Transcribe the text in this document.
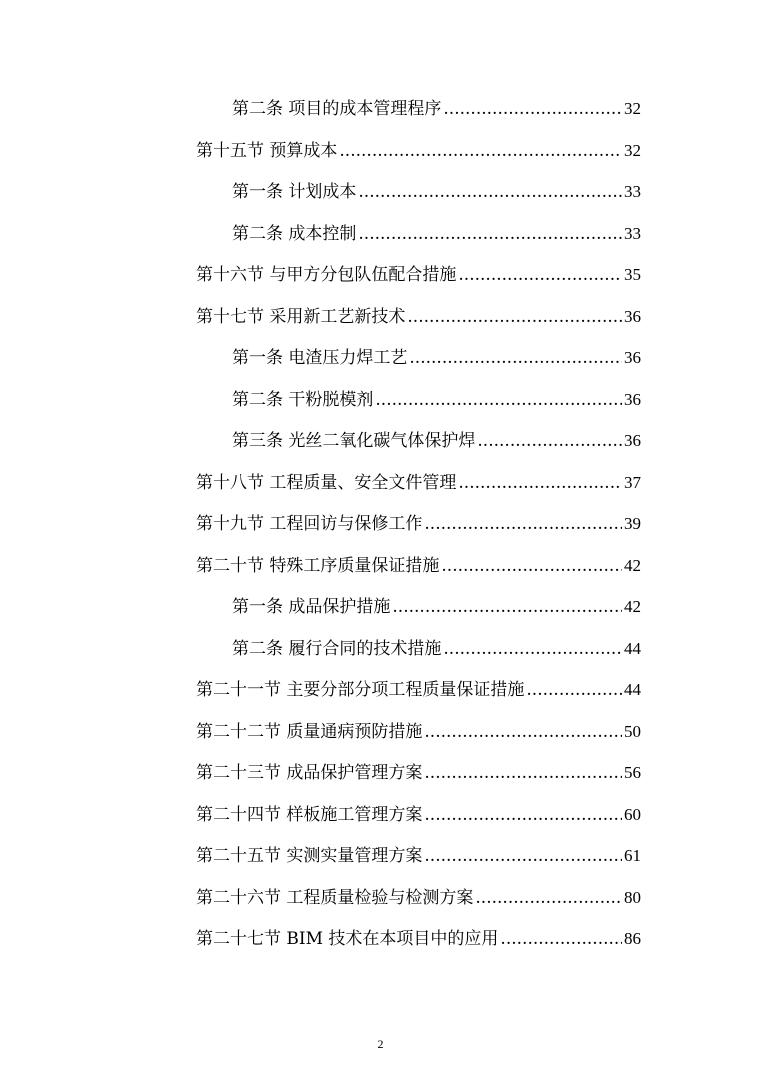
第二条 项目的成本管理程序 .....	32
第十五节 预算成本 .....	32
第一条 计划成本 .....	33
第二条 成本控制 .....	33
第十六节 与甲方分包队伍配合措施 .....	35
第十七节 采用新工艺新技术 .....	36
第一条 电渣压力焊工艺 .....	36
第二条 干粉脱模剂 .....	36
第三条 光丝二氧化碳气体保护焊 .....	36
第十八节 工程质量、安全文件管理 .....	37
第十九节 工程回访与保修工作 .....	39
第二十节 特殊工序质量保证措施 .....	42
第一条 成品保护措施 .....	42
第二条 履行合同的技术措施 .....	44
第二十一节 主要分部分项工程质量保证措施 .....	44
第二十二节 质量通病预防措施 .....	50
第二十三节 成品保护管理方案 .....	56
第二十四节 样板施工管理方案 .....	60
第二十五节 实测实量管理方案 .....	61
第二十六节 工程质量检验与检测方案 .....	80
第二十七节 BIM 技术在本项目中的应用 .....	86
2
